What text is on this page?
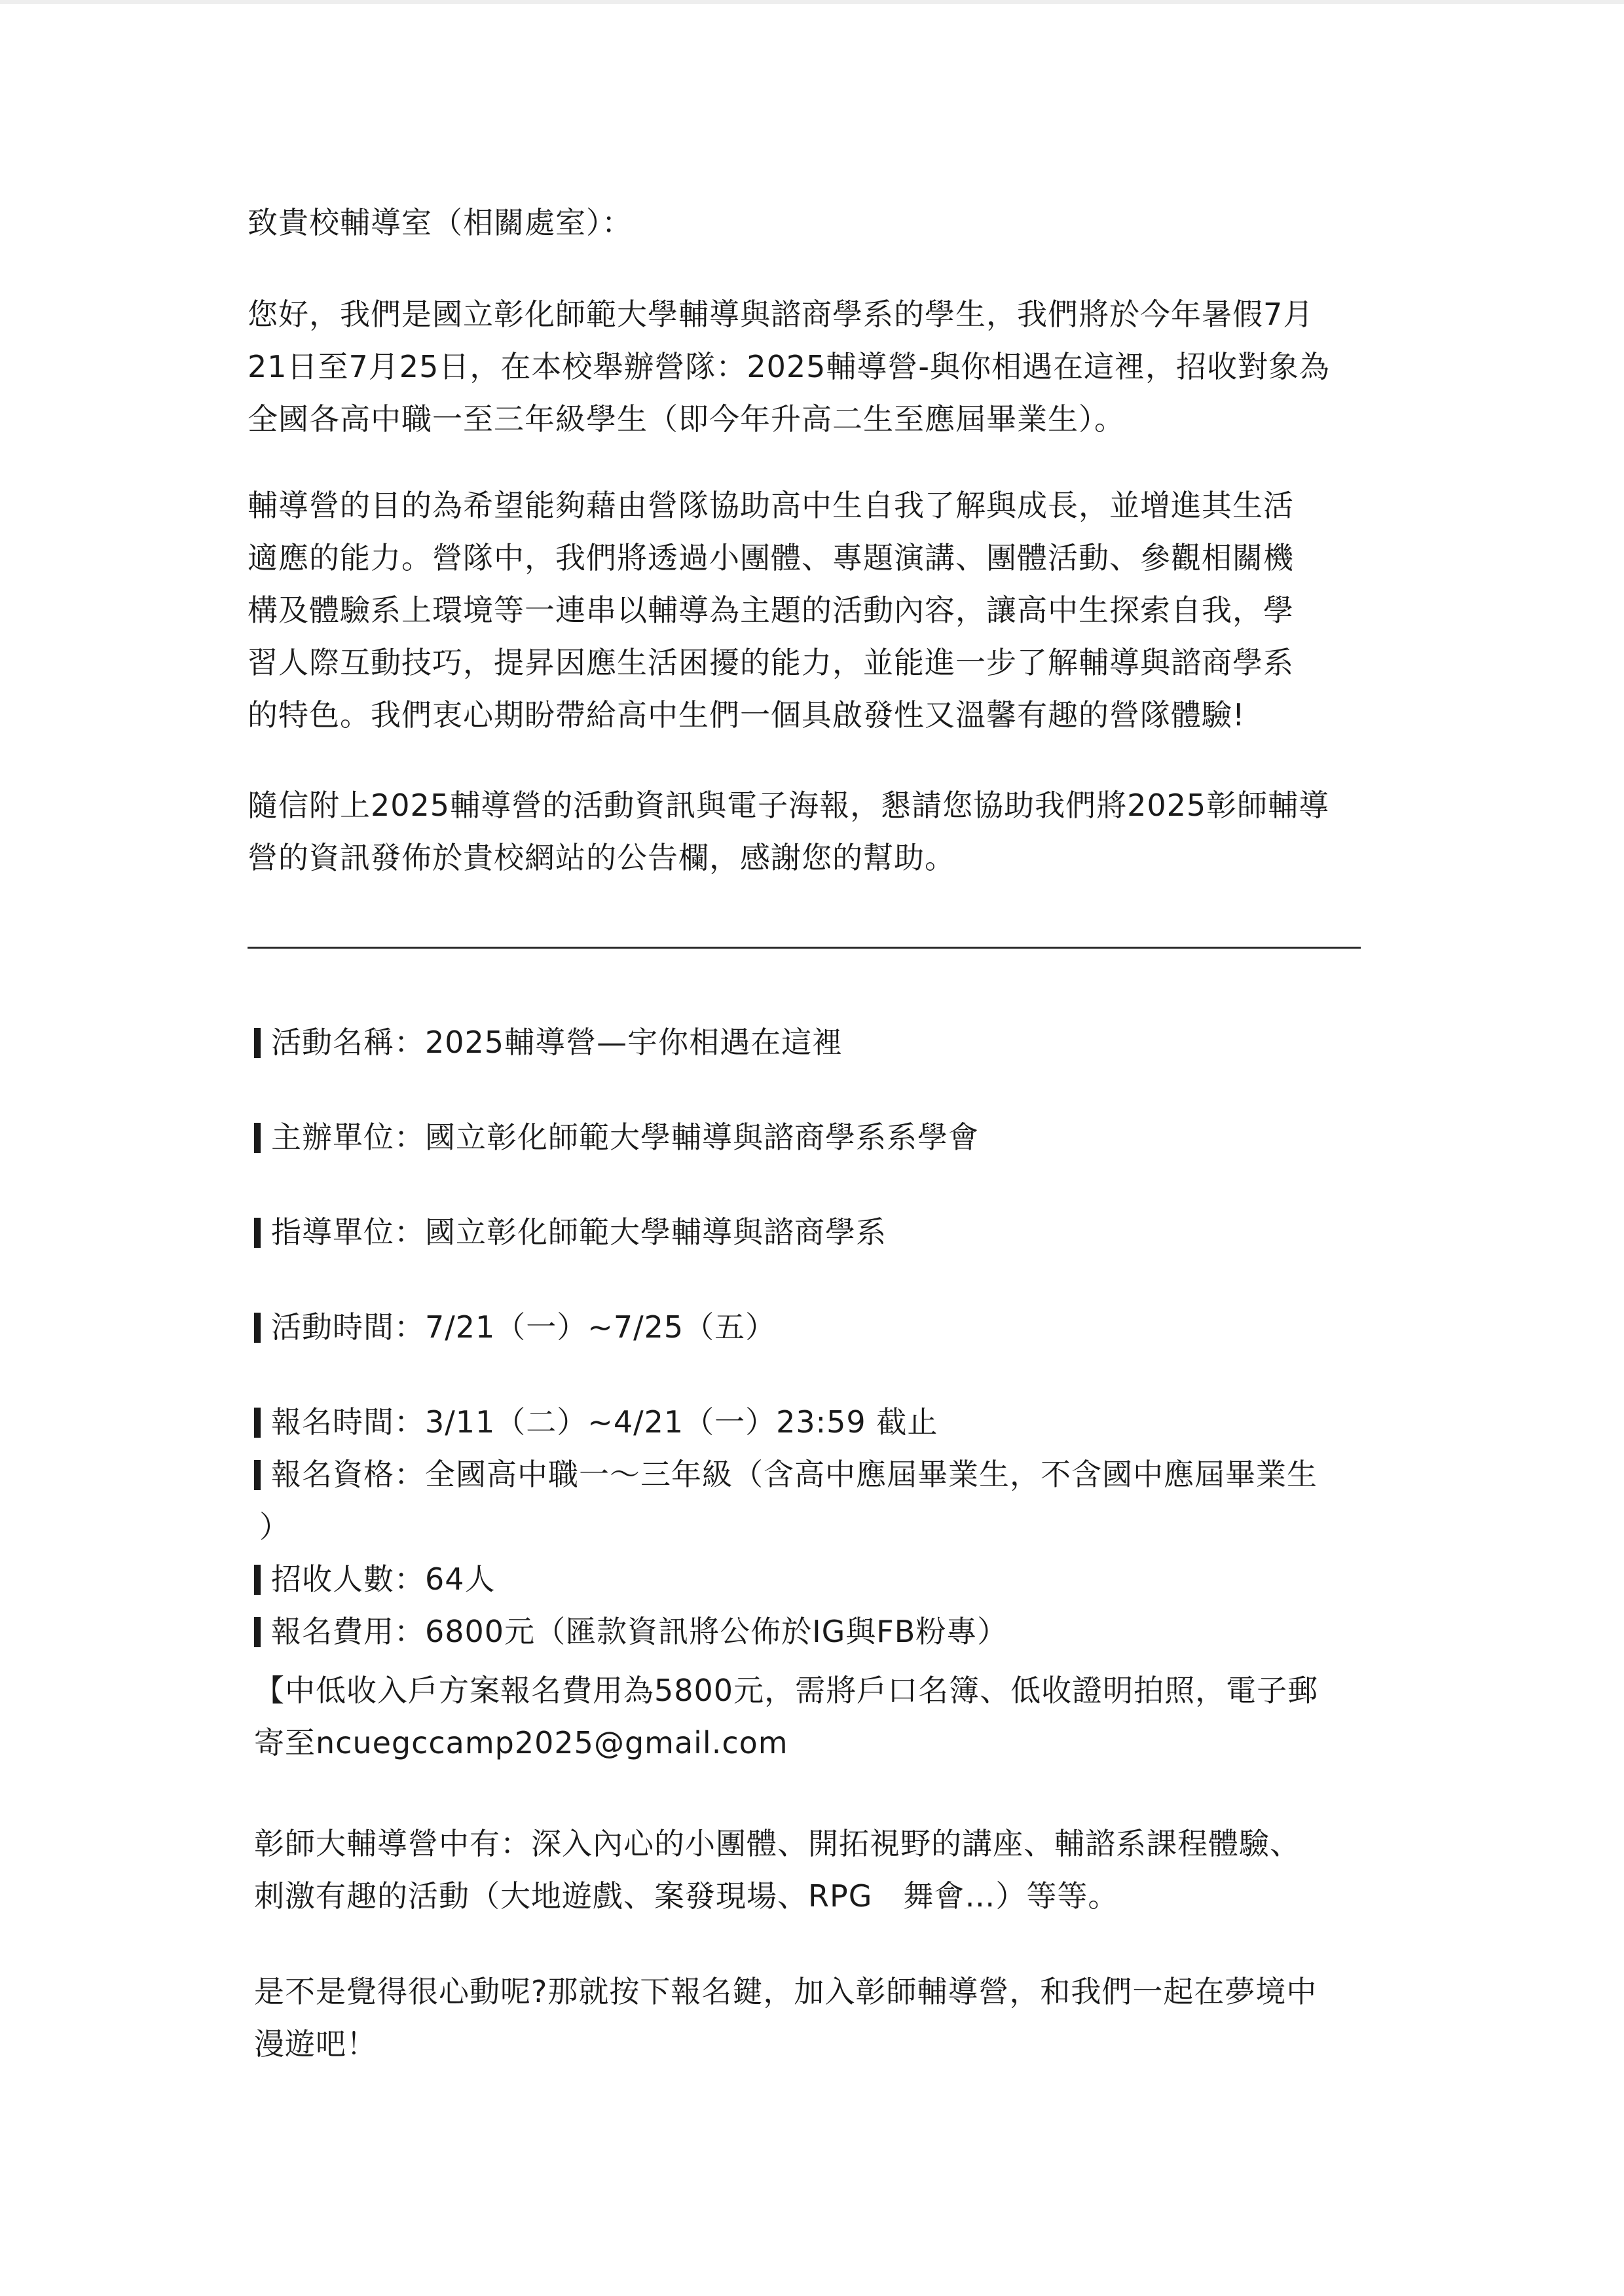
致貴校輔導室（相關處室）：
您好，我們是國立彰化師範大學輔導與諮商學系的學生，我們將於今年暑假7月
21日至7月25日，在本校舉辦營隊：2025輔導營-與你相遇在這裡，招收對象為
全國各高中職一至三年級學生（即今年升高二生至應屆畢業生）。
輔導營的目的為希望能夠藉由營隊協助高中生自我了解與成長，並增進其生活
適應的能力。營隊中，我們將透過小團體、專題演講、團體活動、參觀相關機
構及體驗系上環境等一連串以輔導為主題的活動內容，讓高中生探索自我，學
習人際互動技巧，提昇因應生活困擾的能力，並能進一步了解輔導與諮商學系
的特色。我們衷心期盼帶給高中生們一個具啟發性又溫馨有趣的營隊體驗!
隨信附上2025輔導營的活動資訊與電子海報，懇請您協助我們將2025彰師輔導
營的資訊發佈於貴校網站的公告欄，感謝您的幫助。
活動名稱：2025輔導營—宇你相遇在這裡
主辦單位：國立彰化師範大學輔導與諮商學系系學會
指導單位：國立彰化師範大學輔導與諮商學系
活動時間：7/21（一）~7/25（五）
報名時間：3/11（二）~4/21（一）23:59 截止
報名資格：全國高中職一～三年級（含高中應屆畢業生，不含國中應屆畢業生
）
招收人數：64人
報名費用：6800元（匯款資訊將公佈於IG與FB粉專）
【中低收入戶方案報名費用為5800元，需將戶口名簿、低收證明拍照，電子郵
寄至ncuegccamp2025@gmail.com
彰師大輔導營中有：深入內心的小團體、開拓視野的講座、輔諮系課程體驗、
刺激有趣的活動（大地遊戲、案發現場、RPG　舞會…）等等。
是不是覺得很心動呢?那就按下報名鍵，加入彰師輔導營，和我們一起在夢境中
漫遊吧！
